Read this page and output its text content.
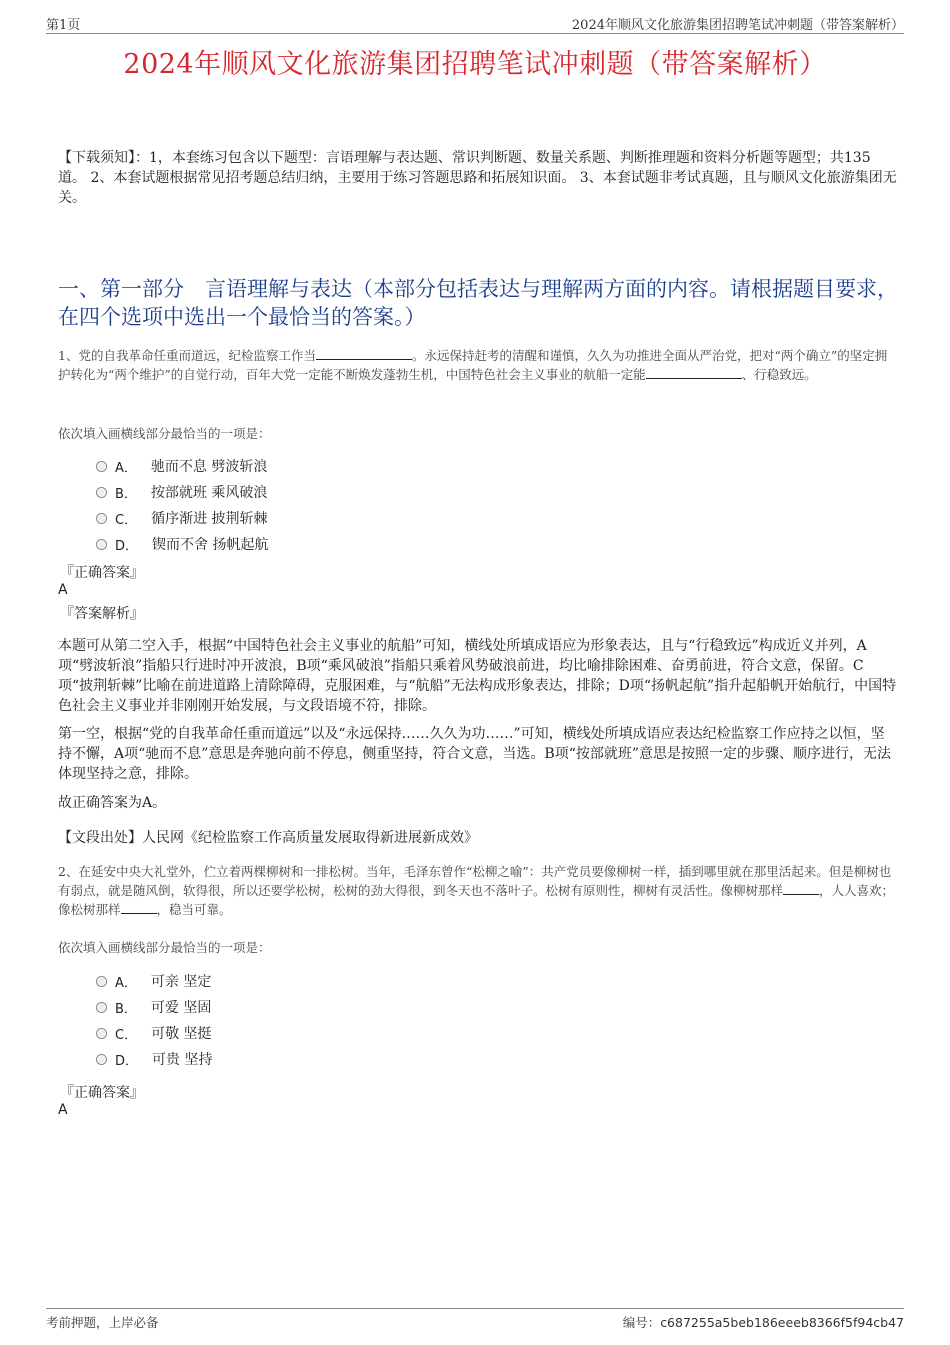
第1页	2024年顺风文化旅游集团招聘笔试冲刺题（带答案解析）
2024年顺风文化旅游集团招聘笔试冲刺题（带答案解析）
【下载须知】：1，本套练习包含以下题型：言语理解与表达题、常识判断题、数量关系题、判断推理题和资料分析题等题型；共135道。 2、本套试题根据常见招考题总结归纳，主要用于练习答题思路和拓展知识面。 3、本套试题非考试真题，且与顺风文化旅游集团无关。
一、第一部分　言语理解与表达（本部分包括表达与理解两方面的内容。请根据题目要求，在四个选项中选出一个最恰当的答案。）
1、党的自我革命任重而道远，纪检监察工作当	。永远保持赶考的清醒和谨慎，久久为功推进全面从严治党，把对“两个确立”的坚定拥护转化为“两个维护”的自觉行动，百年大党一定能不断焕发蓬勃生机，中国特色社会主义事业的航船一定能	、行稳致远。
依次填入画横线部分最恰当的一项是：
A． 驰而不息 劈波斩浪
B． 按部就班 乘风破浪
C． 循序渐进 披荆斩棘
D． 锲而不舍 扬帆起航
『正确答案』
A
『答案解析』
本题可从第二空入手，根据“中国特色社会主义事业的航船”可知，横线处所填成语应为形象表达，且与“行稳致远”构成近义并列，A项“劈波斩浪”指船只行进时冲开波浪，B项“乘风破浪”指船只乘着风势破浪前进，均比喻排除困难、奋勇前进，符合文意，保留。C项“披荆斩棘”比喻在前进道路上清除障碍，克服困难，与“航船”无法构成形象表达，排除；D项“扬帆起航”指升起船帆开始航行，中国特色社会主义事业并非刚刚开始发展，与文段语境不符，排除。
第一空，根据“党的自我革命任重而道远”以及“永远保持……久久为功……”可知，横线处所填成语应表达纪检监察工作应持之以恒，坚持不懈，A项“驰而不息”意思是奔驰向前不停息，侧重坚持，符合文意，当选。B项“按部就班”意思是按照一定的步骤、顺序进行，无法体现坚持之意，排除。
故正确答案为A。
【文段出处】人民网《纪检监察工作高质量发展取得新进展新成效》
2、在延安中央大礼堂外，伫立着两棵柳树和一排松树。当年，毛泽东曾作“松柳之喻”：共产党员要像柳树一样，插到哪里就在那里活起来。但是柳树也有弱点，就是随风倒，软得很，所以还要学松树，松树的劲大得很，到冬天也不落叶子。松树有原则性，柳树有灵活性。像柳树那样	，人人喜欢；像松树那样	，稳当可靠。
依次填入画横线部分最恰当的一项是：
A． 可亲 坚定
B． 可爱 坚固
C． 可敬 坚挺
D． 可贵 坚持
『正确答案』
A
考前押题，上岸必备	编号：c687255a5beb186eeeb8366f5f94cb47
